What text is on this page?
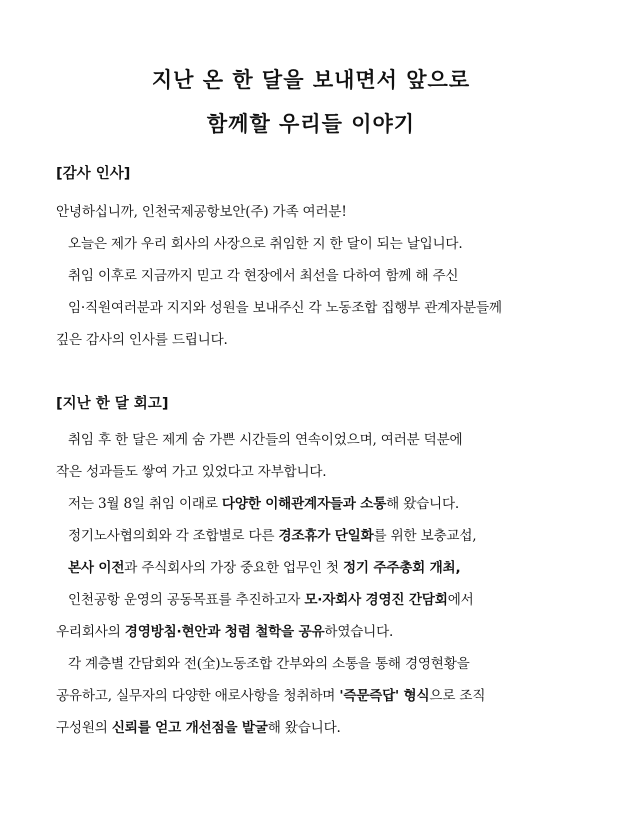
지난 온 한 달을 보내면서 앞으로
함께할 우리들 이야기
[감사 인사]
안녕하십니까, 인천국제공항보안(주) 가족 여러분!
오늘은 제가 우리 회사의 사장으로 취임한 지 한 달이 되는 날입니다.
취임 이후로 지금까지 믿고 각 현장에서 최선을 다하여 함께 해 주신
임·직원여러분과 지지와 성원을 보내주신 각 노동조합 집행부 관계자분들께
깊은 감사의 인사를 드립니다.
[지난 한 달 회고]
취임 후 한 달은 제게 숨 가쁜 시간들의 연속이었으며, 여러분 덕분에
작은 성과들도 쌓여 가고 있었다고 자부합니다.
저는 3월 8일 취임 이래로 다양한 이해관계자들과 소통해 왔습니다.
정기노사협의회와 각 조합별로 다른 경조휴가 단일화를 위한 보충교섭,
본사 이전과 주식회사의 가장 중요한 업무인 첫 정기 주주총회 개최,
인천공항 운영의 공동목표를 추진하고자 모·자회사 경영진 간담회에서
우리회사의 경영방침·현안과 청렴 철학을 공유하였습니다.
각 계층별 간담회와 전(全)노동조합 간부와의 소통을 통해 경영현황을
공유하고, 실무자의 다양한 애로사항을 청취하며 '즉문즉답' 형식으로 조직
구성원의 신뢰를 얻고 개선점을 발굴해 왔습니다.
